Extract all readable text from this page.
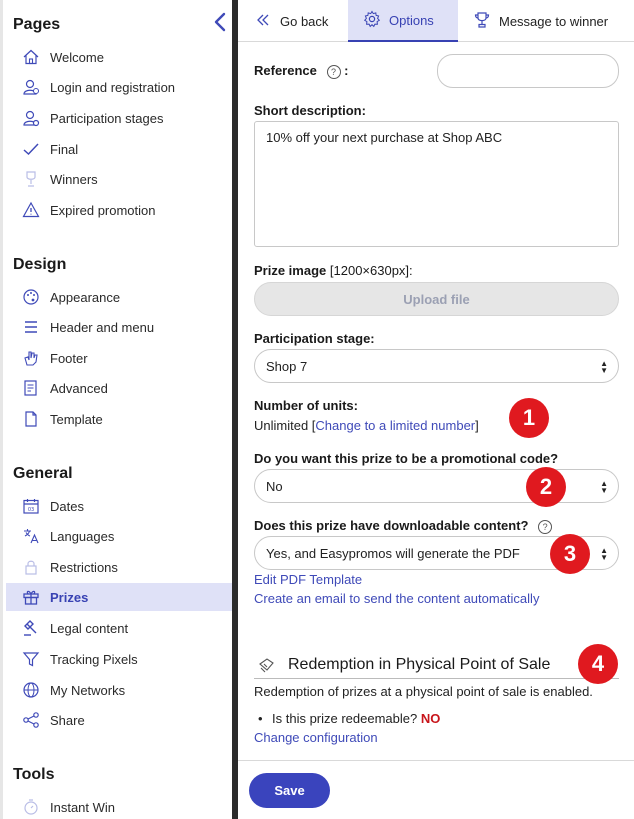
Pages
Welcome
Login and registration
Participation stages
Final
Winners
Expired promotion
Design
Appearance
Header and menu
Footer
Advanced
Template
General
03 Dates
Languages
Restrictions
Prizes
Legal content
Tracking Pixels
My Networks
Share
Tools
Instant Win
Go back	Options	Message to winner
Reference ? :
Short description:
10% off your next purchase at Shop ABC
Prize image [1200×630px]:
Upload file
Participation stage:
Shop 7	▲
▼
Number of units:
Unlimited [Change to a limited number]	1
Do you want this prize to be a promotional code?
No	▲
▼
2
Does this prize have downloadable content? ?
Yes, and Easypromos will generate the PDF	▲
▼
3
Edit PDF Template
Create an email to send the content automatically
Redemption in Physical Point of Sale	4
Redemption of prizes at a physical point of sale is enabled.
• Is this prize redeemable? NO
Change configuration
Save
